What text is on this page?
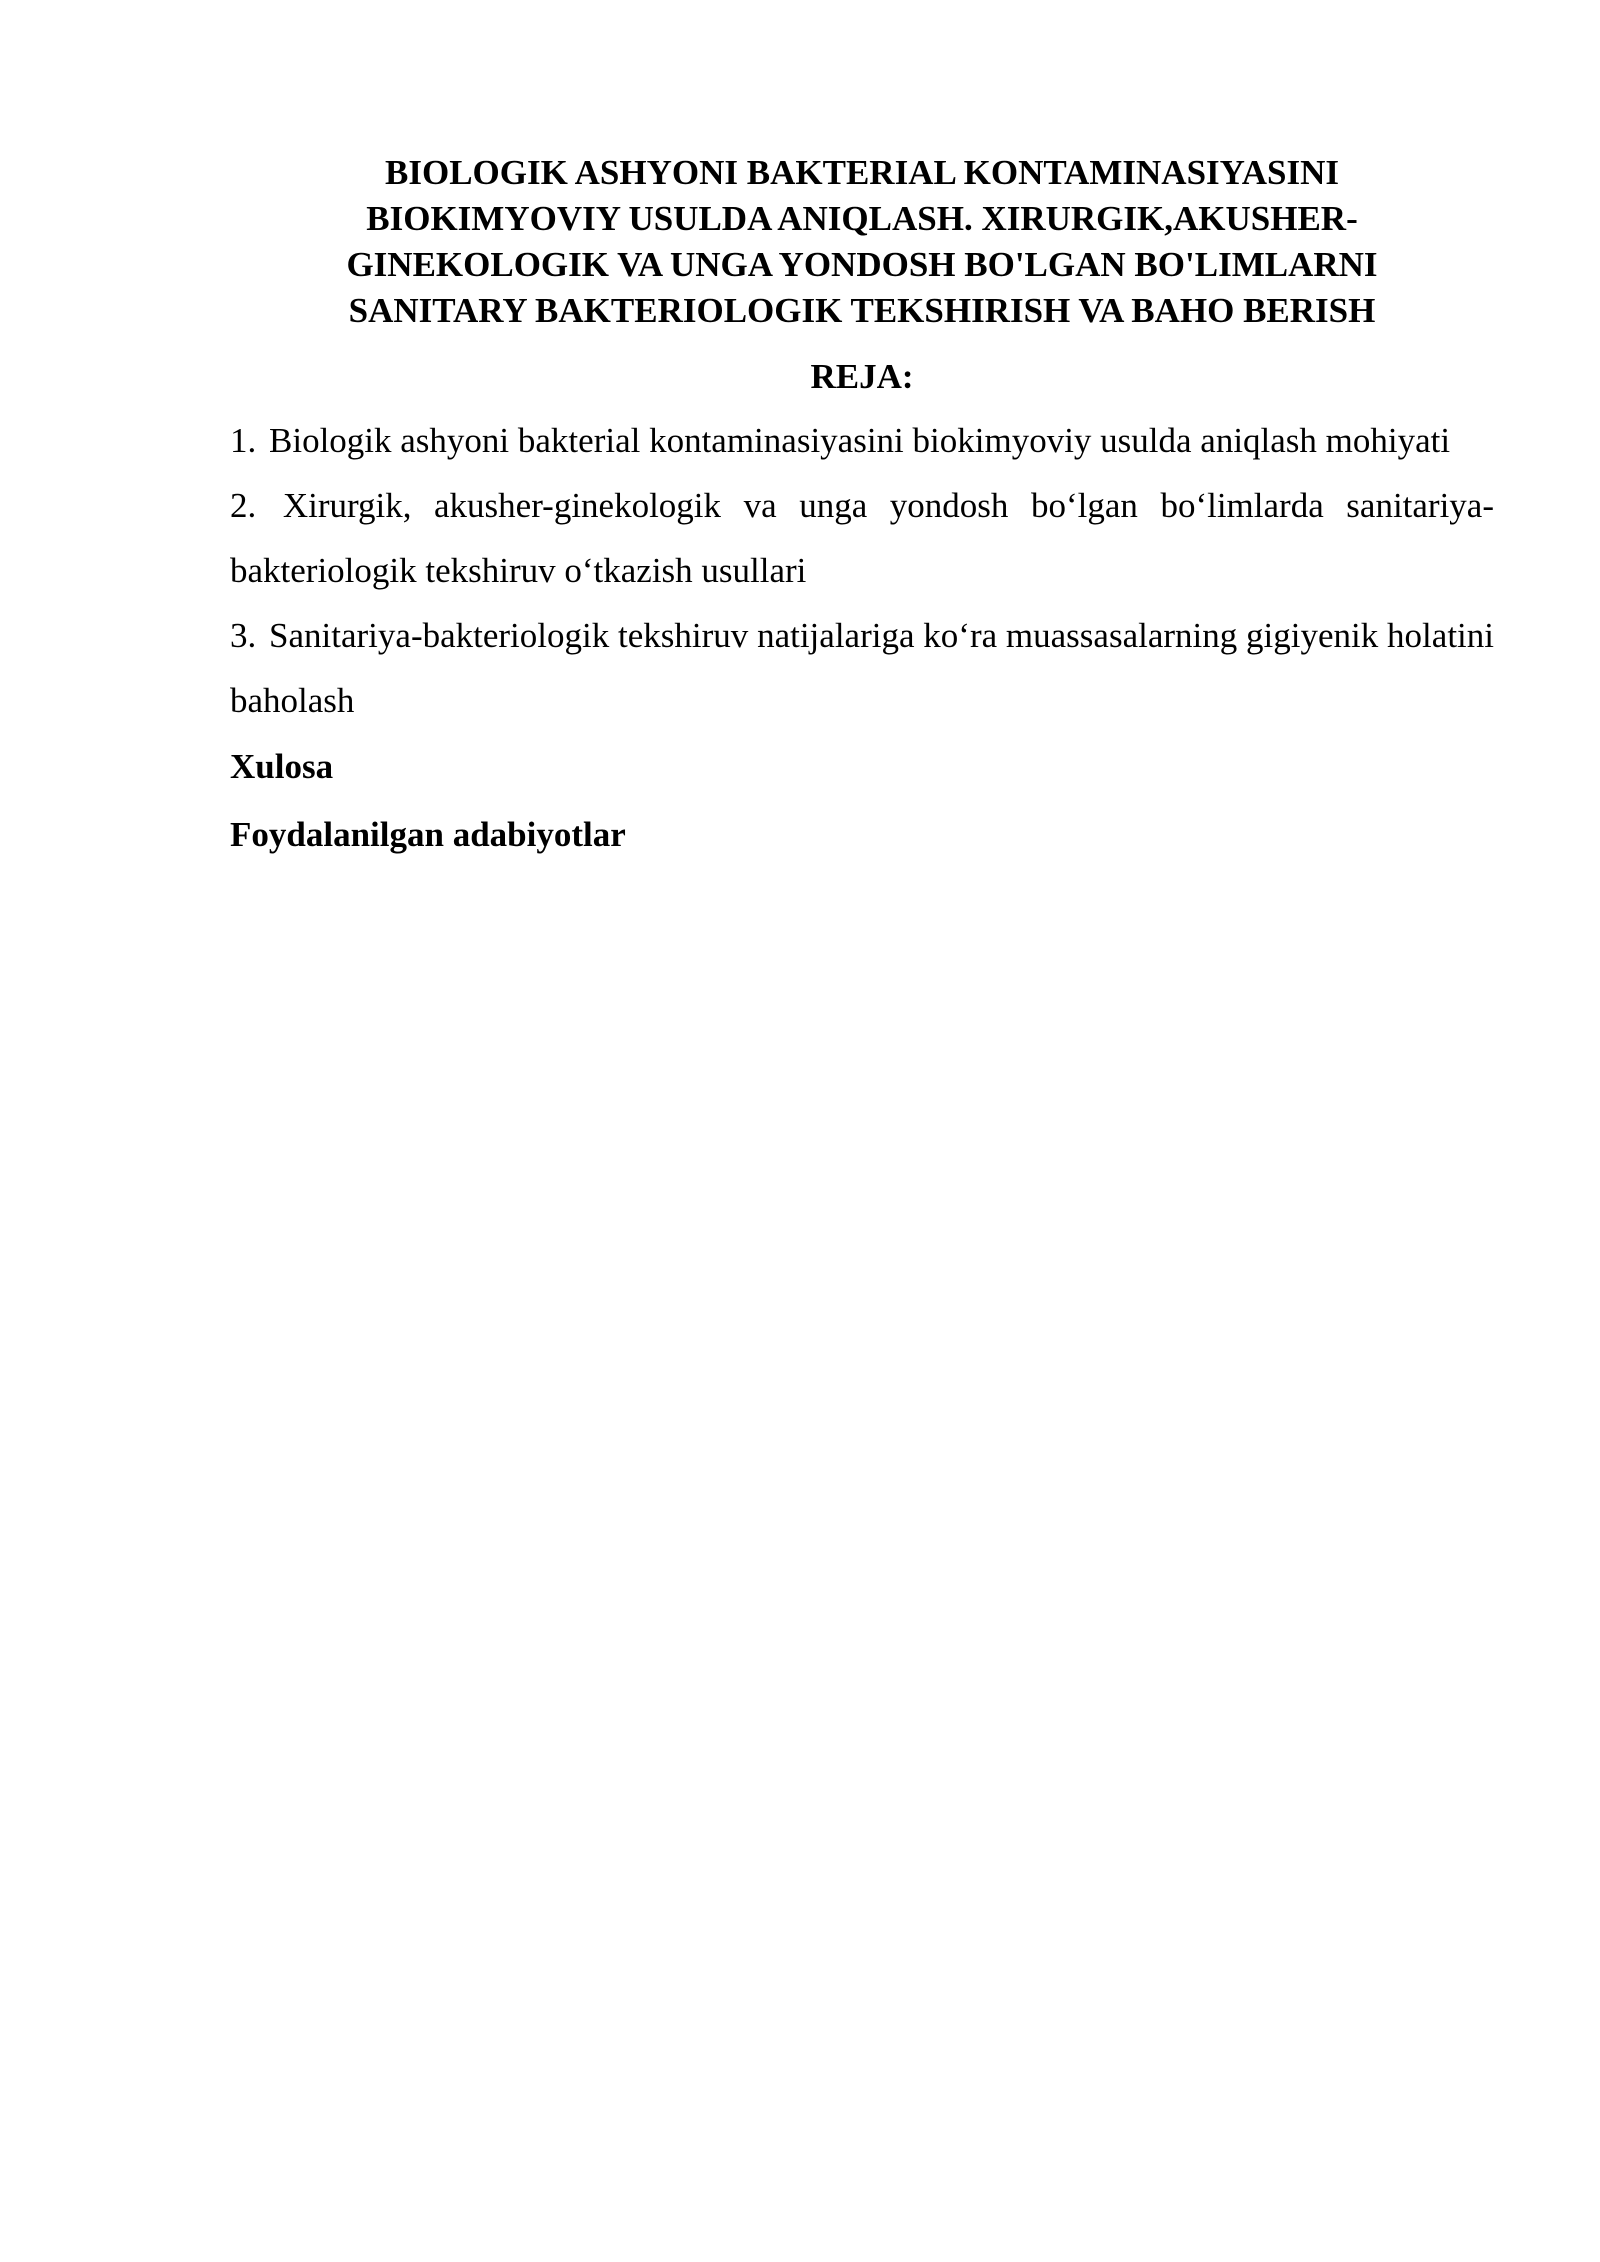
BIOLOGIK ASHYONI BAKTERIAL KONTAMINASIYASINI
BIOKIMYOVIY USULDA ANIQLASH. XIRURGIK,AKUSHER-
GINEKOLOGIK VA UNGA YONDOSH BO'LGAN BO'LIMLARNI
SANITARY BAKTERIOLOGIK TEKSHIRISH VA BAHO BERISH
REJA:
1. Biologik ashyoni bakterial kontaminasiyasini biokimyoviy usulda aniqlash mohiyati
2. Xirurgik, akusher-ginekologik va unga yondosh bo‘lgan bo‘limlarda sanitariya-bakteriologik tekshiruv o‘tkazish usullari
3. Sanitariya-bakteriologik tekshiruv natijalariga ko‘ra muassasalarning gigiyenik holatini baholash

Xulosa

Foydalanilgan adabiyotlar
